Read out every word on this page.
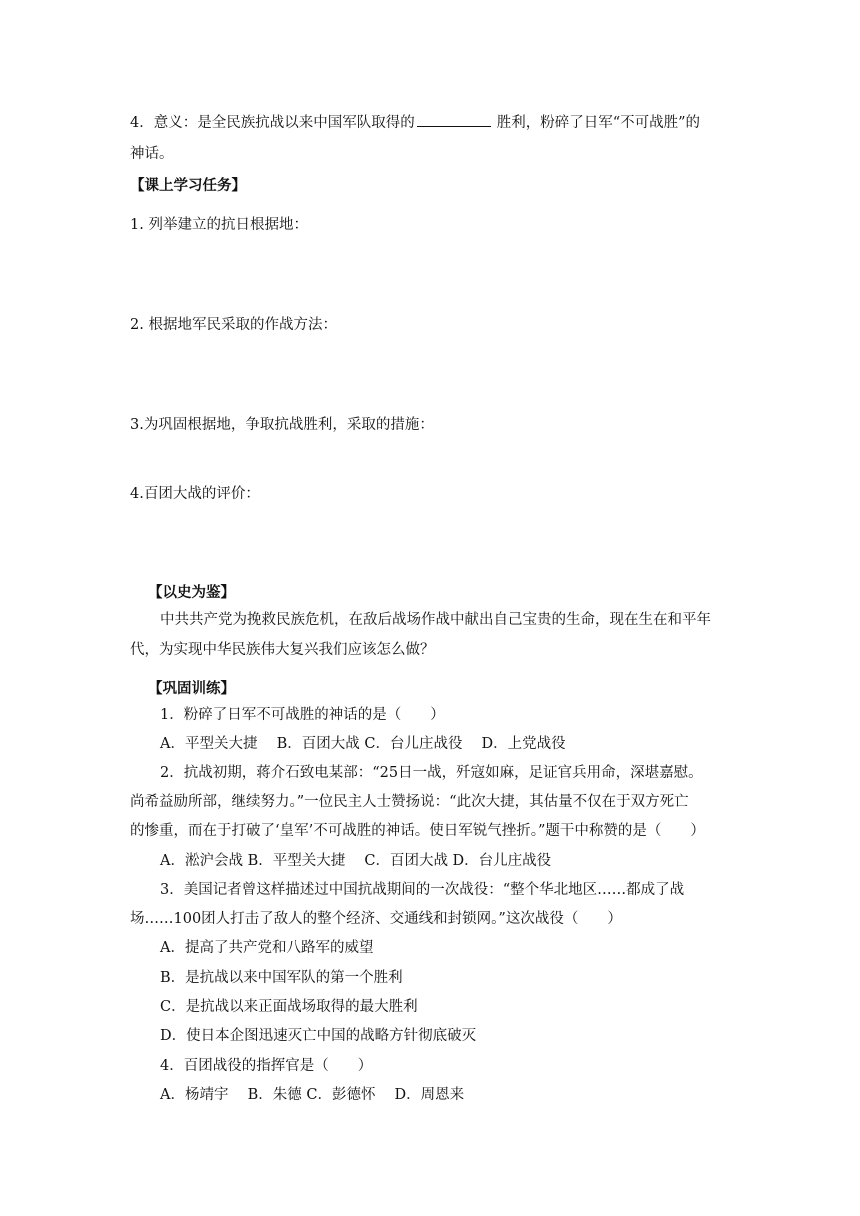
4．意义：是全民族抗战以来中国军队取得的	胜利，粉碎了日军“不可战胜”的
神话。
【课上学习任务】
1. 列举建立的抗日根据地：
2. 根据地军民采取的作战方法：
3.为巩固根据地，争取抗战胜利，采取的措施：
4.百团大战的评价：
【以史为鉴】
中共共产党为挽救民族危机，在敌后战场作战中献出自己宝贵的生命，现在生在和平年
代，为实现中华民族伟大复兴我们应该怎么做？
【巩固训练】
1．粉碎了日军不可战胜的神话的是（　　）
A．平型关大捷　 B．百团大战 C．台儿庄战役　 D．上党战役
2．抗战初期，蒋介石致电某部：“25日一战，歼寇如麻，足证官兵用命，深堪嘉慰。
尚希益励所部，继续努力。”一位民主人士赞扬说：“此次大捷，其估量不仅在于双方死亡
的惨重，而在于打破了‘皇军’不可战胜的神话。使日军锐气挫折。”题干中称赞的是（　　）
A．淞沪会战 B．平型关大捷　 C．百团大战 D．台儿庄战役
3．美国记者曾这样描述过中国抗战期间的一次战役：“整个华北地区……都成了战
场……100团人打击了敌人的整个经济、交通线和封锁网。”这次战役（　　）
A．提高了共产党和八路军的威望
B．是抗战以来中国军队的第一个胜利
C．是抗战以来正面战场取得的最大胜利
D．使日本企图迅速灭亡中国的战略方针彻底破灭
4．百团战役的指挥官是（　　）
A．杨靖宇　 B．朱德 C．彭德怀　 D．周恩来
